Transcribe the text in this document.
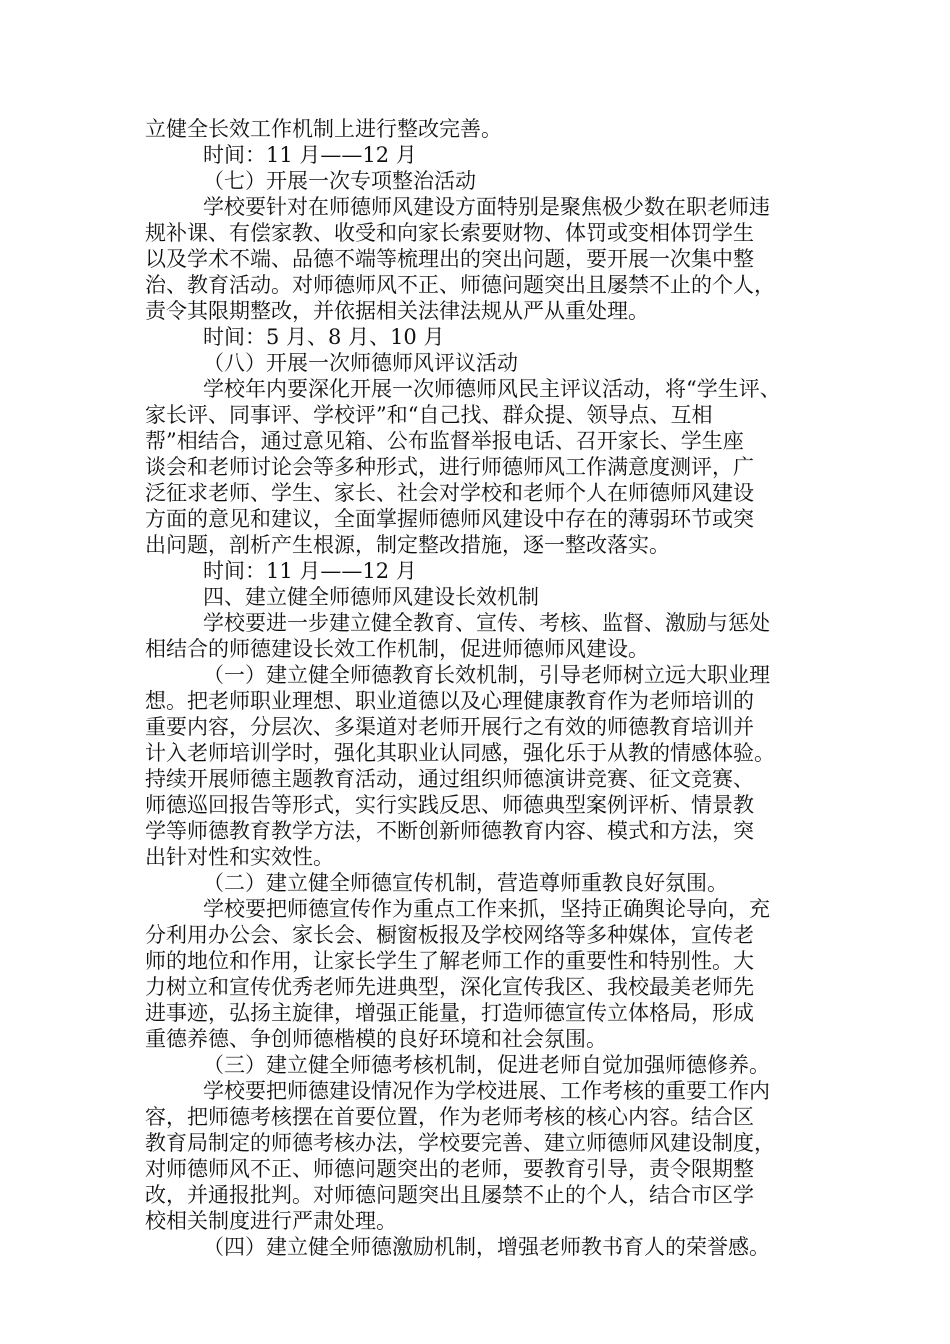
立健全长效工作机制上进行整改完善。
时间：11 月——12 月
（七）开展一次专项整治活动
学校要针对在师德师风建设方面特别是聚焦极少数在职老师违
规补课、有偿家教、收受和向家长索要财物、体罚或变相体罚学生
以及学术不端、品德不端等梳理出的突出问题，要开展一次集中整
治、教育活动。对师德师风不正、师德问题突出且屡禁不止的个人，
责令其限期整改，并依据相关法律法规从严从重处理。
时间：5 月、8 月、10 月
（八）开展一次师德师风评议活动
学校年内要深化开展一次师德师风民主评议活动，将“学生评、
家长评、同事评、学校评”和“自己找、群众提、领导点、互相
帮”相结合，通过意见箱、公布监督举报电话、召开家长、学生座
谈会和老师讨论会等多种形式，进行师德师风工作满意度测评，广
泛征求老师、学生、家长、社会对学校和老师个人在师德师风建设
方面的意见和建议，全面掌握师德师风建设中存在的薄弱环节或突
出问题，剖析产生根源，制定整改措施，逐一整改落实。
时间：11 月——12 月
四、建立健全师德师风建设长效机制
学校要进一步建立健全教育、宣传、考核、监督、激励与惩处
相结合的师德建设长效工作机制，促进师德师风建设。
（一）建立健全师德教育长效机制，引导老师树立远大职业理
想。把老师职业理想、职业道德以及心理健康教育作为老师培训的
重要内容，分层次、多渠道对老师开展行之有效的师德教育培训并
计入老师培训学时，强化其职业认同感，强化乐于从教的情感体验。
持续开展师德主题教育活动，通过组织师德演讲竞赛、征文竞赛、
师德巡回报告等形式，实行实践反思、师德典型案例评析、情景教
学等师德教育教学方法，不断创新师德教育内容、模式和方法，突
出针对性和实效性。
（二）建立健全师德宣传机制，营造尊师重教良好氛围。
学校要把师德宣传作为重点工作来抓，坚持正确舆论导向，充
分利用办公会、家长会、橱窗板报及学校网络等多种媒体，宣传老
师的地位和作用，让家长学生了解老师工作的重要性和特别性。大
力树立和宣传优秀老师先进典型，深化宣传我区、我校最美老师先
进事迹，弘扬主旋律，增强正能量，打造师德宣传立体格局，形成
重德养德、争创师德楷模的良好环境和社会氛围。
（三）建立健全师德考核机制，促进老师自觉加强师德修养。
学校要把师德建设情况作为学校进展、工作考核的重要工作内
容，把师德考核摆在首要位置，作为老师考核的核心内容。结合区
教育局制定的师德考核办法，学校要完善、建立师德师风建设制度，
对师德师风不正、师德问题突出的老师，要教育引导，责令限期整
改，并通报批判。对师德问题突出且屡禁不止的个人，结合市区学
校相关制度进行严肃处理。
（四）建立健全师德激励机制，增强老师教书育人的荣誉感。
